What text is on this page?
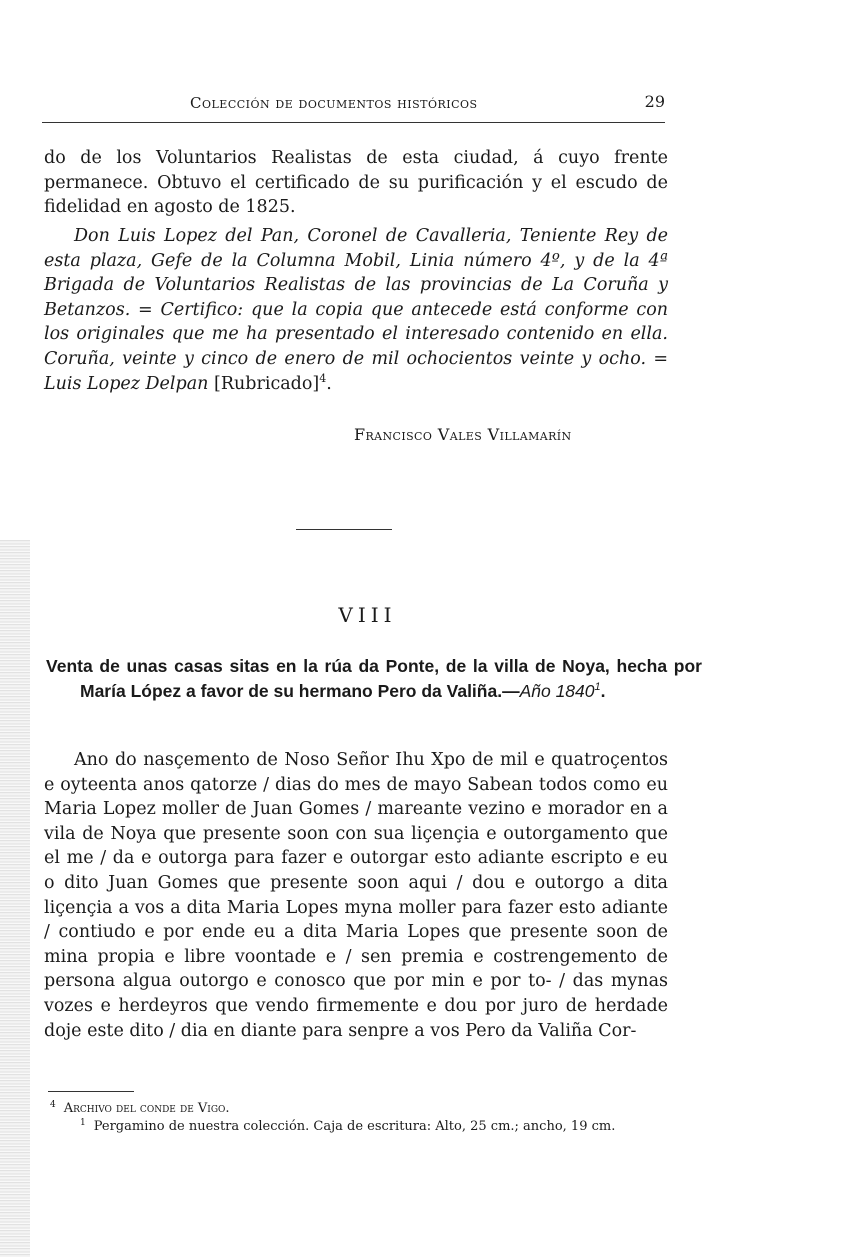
Colección de documentos históricos	29
do de los Voluntarios Realistas de esta ciudad, á cuyo frente permanece. Obtuvo el certificado de su purificación y el escudo de fidelidad en agosto de 1825.
Don Luis Lopez del Pan, Coronel de Cavalleria, Teniente Rey de esta plaza, Gefe de la Columna Mobil, Linia número 4º, y de la 4ª Brigada de Voluntarios Realistas de las provincias de La Coruña y Betanzos. = Certifico: que la copia que antecede está conforme con los originales que me ha presentado el interesado contenido en ella. Coruña, veinte y cinco de enero de mil ochocientos veinte y ocho. = Luis Lopez Delpan [Rubricado]$^4$.
Francisco Vales Villamarín
VIII
Venta de unas casas sitas en la rúa da Ponte, de la villa de Noya, hecha por María López a favor de su hermano Pero da Valiña.—Año 1840$^1$.
Ano do nasçemento de Noso Señor Ihu Xpo de mil e quatroçentos e oyteenta anos qatorze / dias do mes de mayo Sabean todos como eu Maria Lopez moller de Juan Gomes / mareante vezino e morador en a vila de Noya que presente soon con sua liçençia e outorgamento que el me / da e outorga para fazer e outorgar esto adiante escripto e eu o dito Juan Gomes que presente soon aqui / dou e outorgo a dita liçençia a vos a dita Maria Lopes myna moller para fazer esto adiante / contiudo e por ende eu a dita Maria Lopes que presente soon de mina propia e libre voontade e / sen premia e costrengemento de persona algua outorgo e conosco que por min e por to- / das mynas vozes e herdeyros que vendo firmemente e dou por juro de herdade doje este dito / dia en diante para senpre a vos Pero da Valiña Cor-
$^4$ Archivo del conde de Vigo.
$^1$ Pergamino de nuestra colección. Caja de escritura: Alto, 25 cm.; ancho, 19 cm.
